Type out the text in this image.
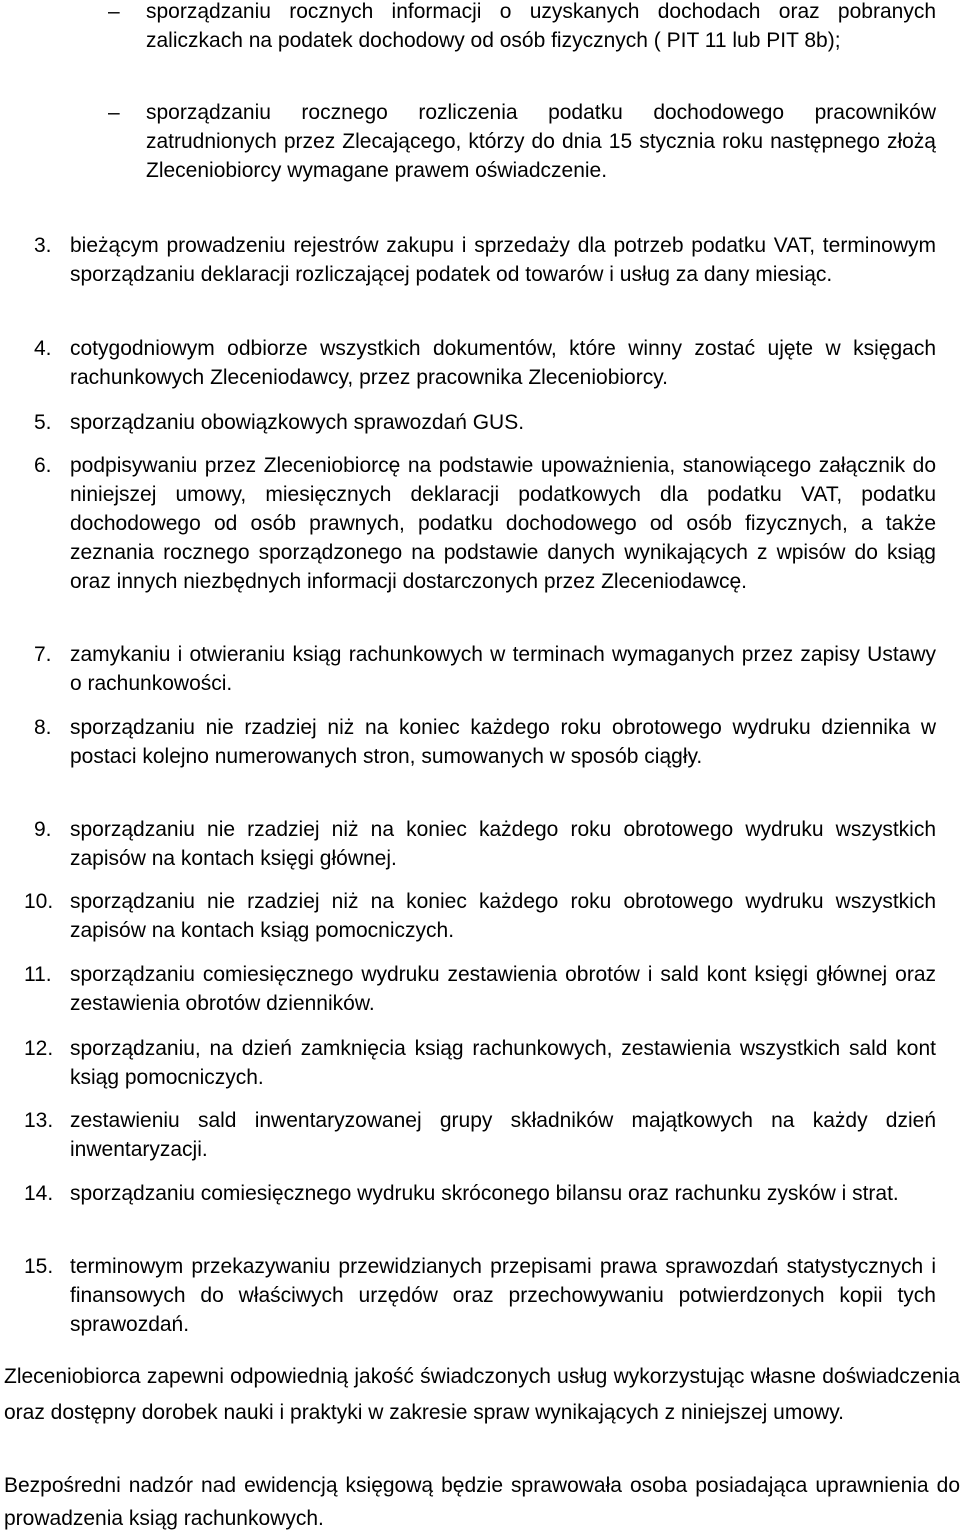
– sporządzaniu rocznych informacji o uzyskanych dochodach oraz pobranych zaliczkach na podatek dochodowy od osób fizycznych ( PIT 11 lub PIT 8b);
– sporządzaniu rocznego rozliczenia podatku dochodowego pracowników zatrudnionych przez Zlecającego, którzy do dnia 15 stycznia roku następnego złożą Zleceniobiorcy wymagane prawem oświadczenie.
3. bieżącym prowadzeniu rejestrów zakupu i sprzedaży dla potrzeb podatku VAT, terminowym sporządzaniu deklaracji rozliczającej podatek od towarów i usług za dany miesiąc.
4. cotygodniowym odbiorze wszystkich dokumentów, które winny zostać ujęte w księgach rachunkowych Zleceniodawcy, przez pracownika Zleceniobiorcy.
5. sporządzaniu obowiązkowych sprawozdań GUS.
6. podpisywaniu przez Zleceniobiorcę na podstawie upoważnienia, stanowiącego załącznik do niniejszej umowy, miesięcznych deklaracji podatkowych dla podatku VAT, podatku dochodowego od osób prawnych, podatku dochodowego od osób fizycznych, a także zeznania rocznego sporządzonego na podstawie danych wynikających z wpisów do ksiąg oraz innych niezbędnych informacji dostarczonych przez Zleceniodawcę.
7. zamykaniu i otwieraniu ksiąg rachunkowych w terminach wymaganych przez zapisy Ustawy o rachunkowości.
8. sporządzaniu nie rzadziej niż na koniec każdego roku obrotowego wydruku dziennika w postaci kolejno numerowanych stron, sumowanych w sposób ciągły.
9. sporządzaniu nie rzadziej niż na koniec każdego roku obrotowego wydruku wszystkich zapisów na kontach księgi głównej.
10. sporządzaniu nie rzadziej niż na koniec każdego roku obrotowego wydruku wszystkich zapisów na kontach ksiąg pomocniczych.
11. sporządzaniu comiesięcznego wydruku zestawienia obrotów i sald kont księgi głównej oraz zestawienia obrotów dzienników.
12. sporządzaniu, na dzień zamknięcia ksiąg rachunkowych, zestawienia wszystkich sald kont ksiąg pomocniczych.
13. zestawieniu sald inwentaryzowanej grupy składników majątkowych na każdy dzień inwentaryzacji.
14. sporządzaniu comiesięcznego wydruku skróconego bilansu oraz rachunku zysków i strat.
15. terminowym przekazywaniu przewidzianych przepisami prawa sprawozdań statystycznych i finansowych do właściwych urzędów oraz przechowywaniu potwierdzonych kopii tych sprawozdań.
Zleceniobiorca zapewni odpowiednią jakość świadczonych usług wykorzystując własne doświadczenia oraz dostępny dorobek nauki i praktyki w zakresie spraw wynikających z niniejszej umowy.
Bezpośredni nadzór nad ewidencją księgową będzie sprawowała osoba posiadająca uprawnienia do prowadzenia ksiąg rachunkowych.
